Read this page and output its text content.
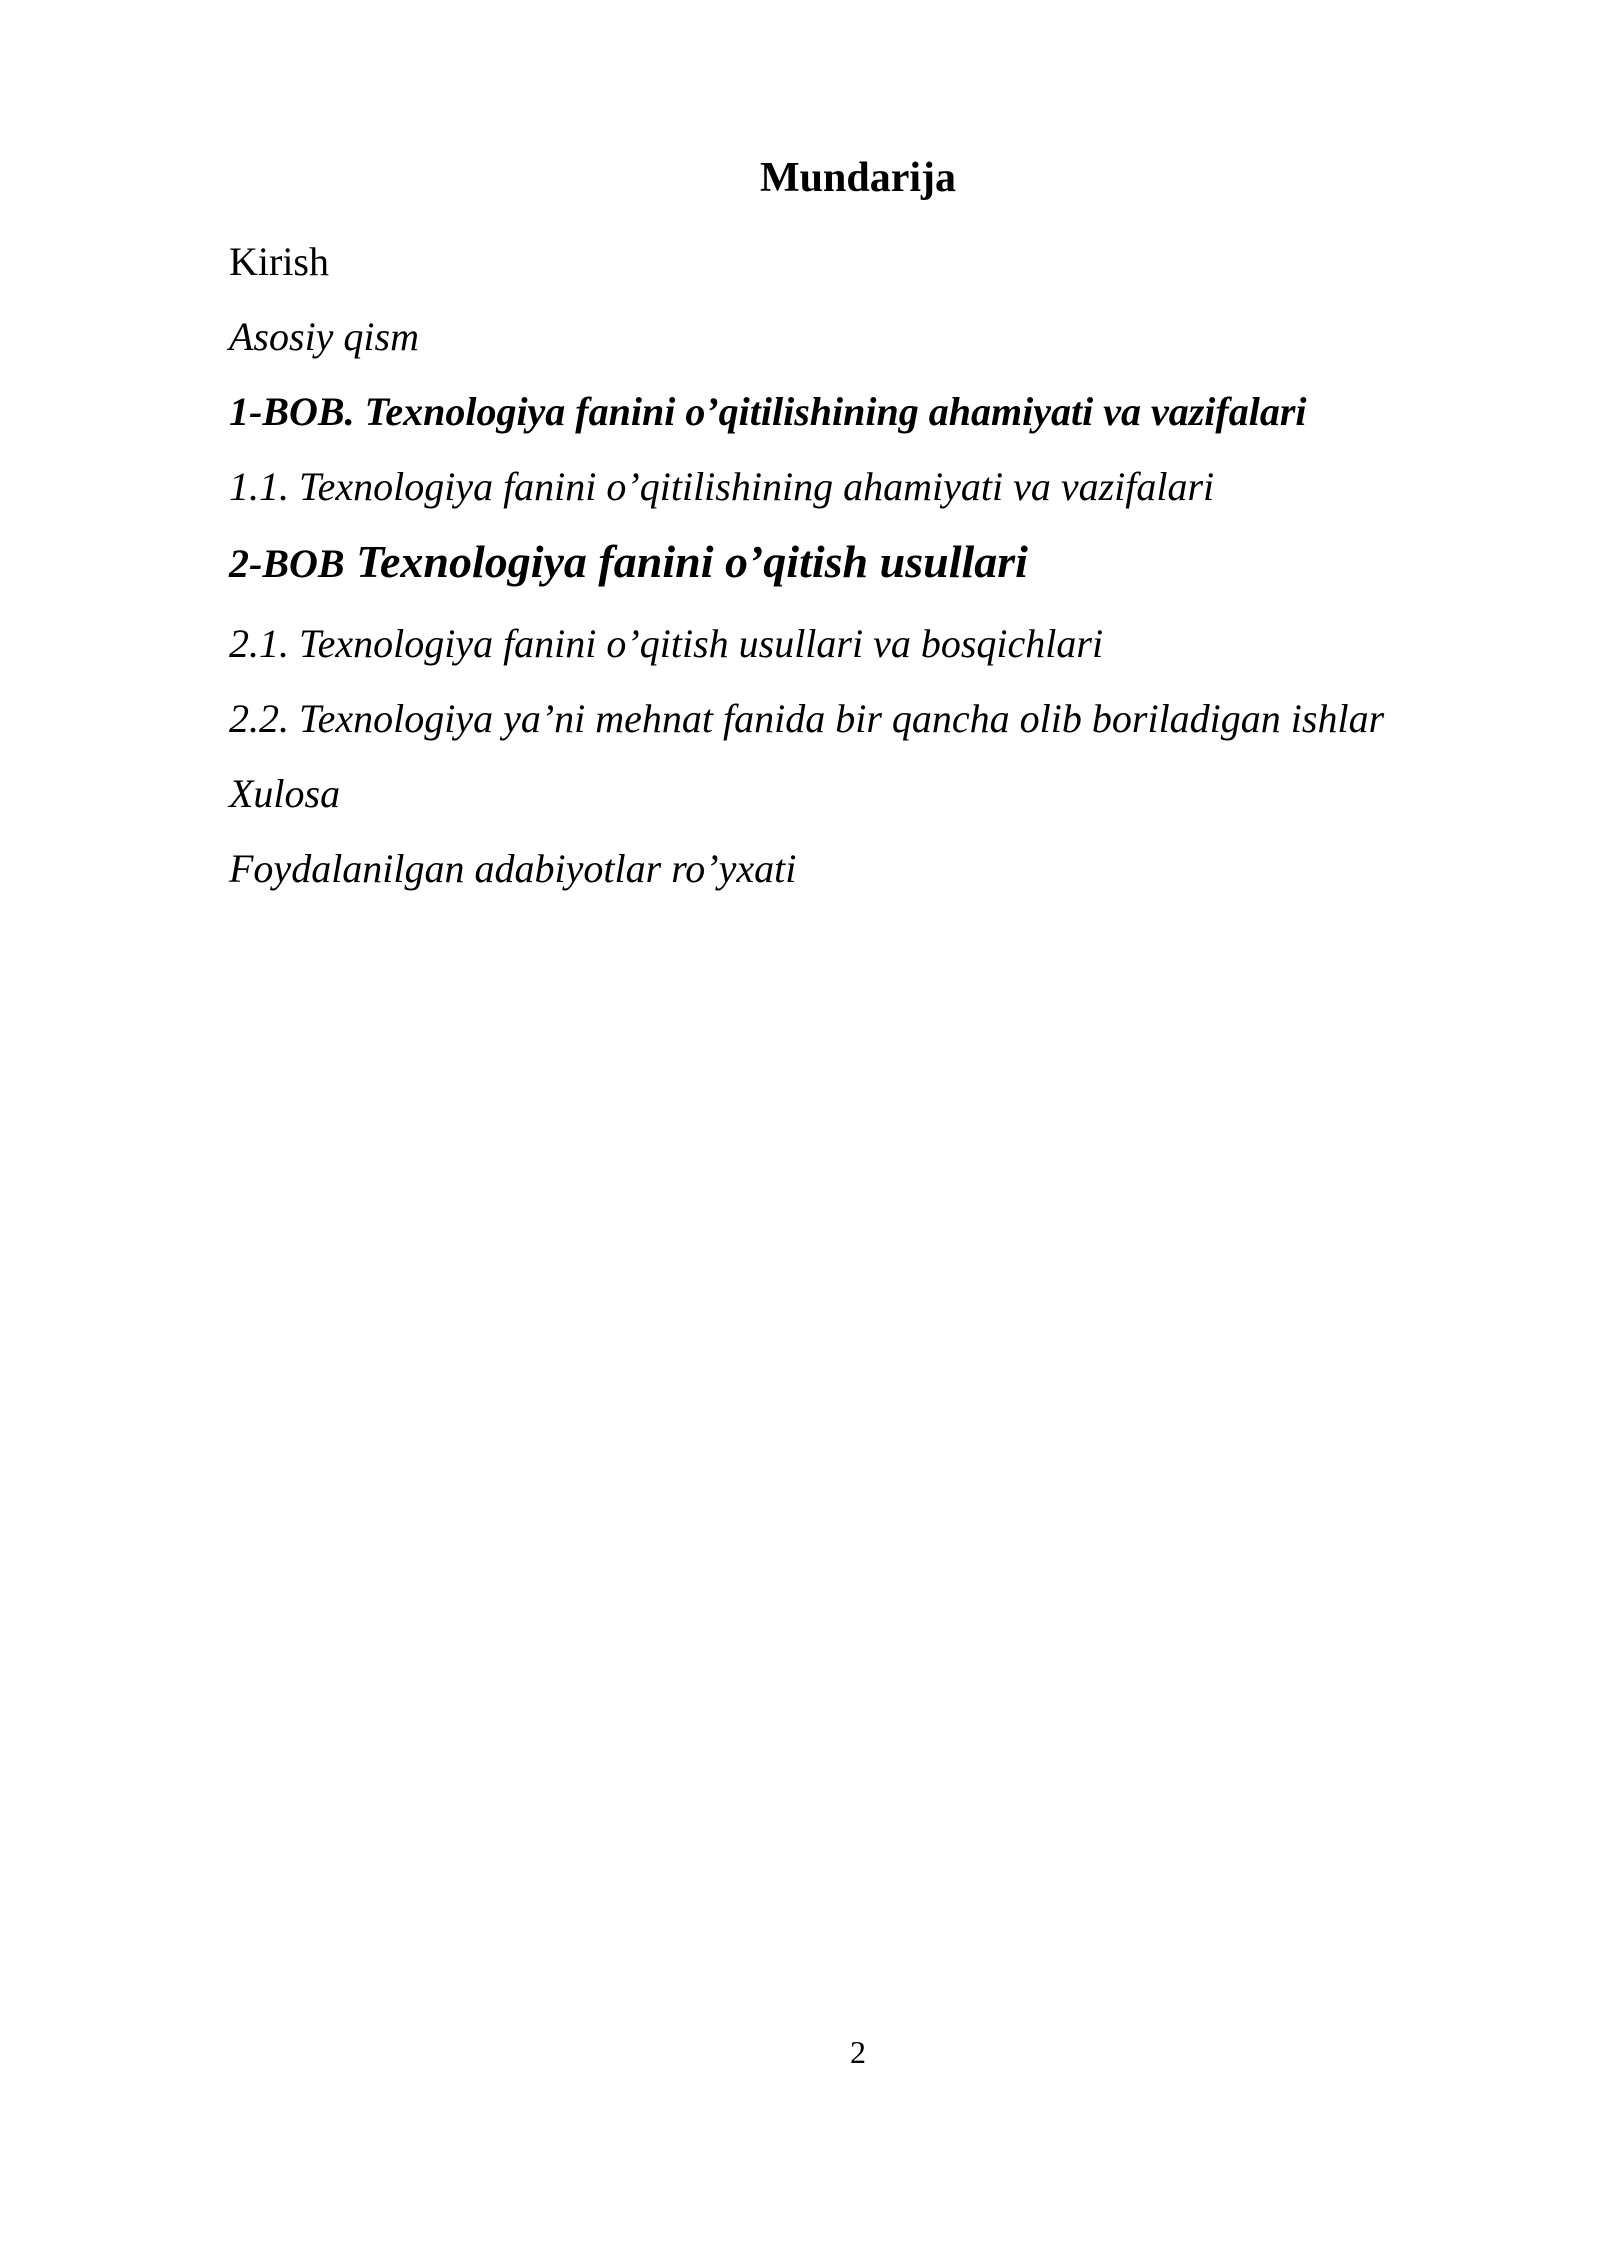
Mundarija
Kirish
Asosiy qism
1-BOB. Texnologiya fanini o’qitilishining ahamiyati va vazifalari
1.1. Texnologiya fanini o’qitilishining ahamiyati va vazifalari
2-BOB Texnologiya fanini o’qitish usullari
2.1. Texnologiya fanini o’qitish usullari va bosqichlari
2.2. Texnologiya ya’ni mehnat fanida bir qancha olib boriladigan ishlar
Xulosa
Foydalanilgan adabiyotlar ro’yxati
2
